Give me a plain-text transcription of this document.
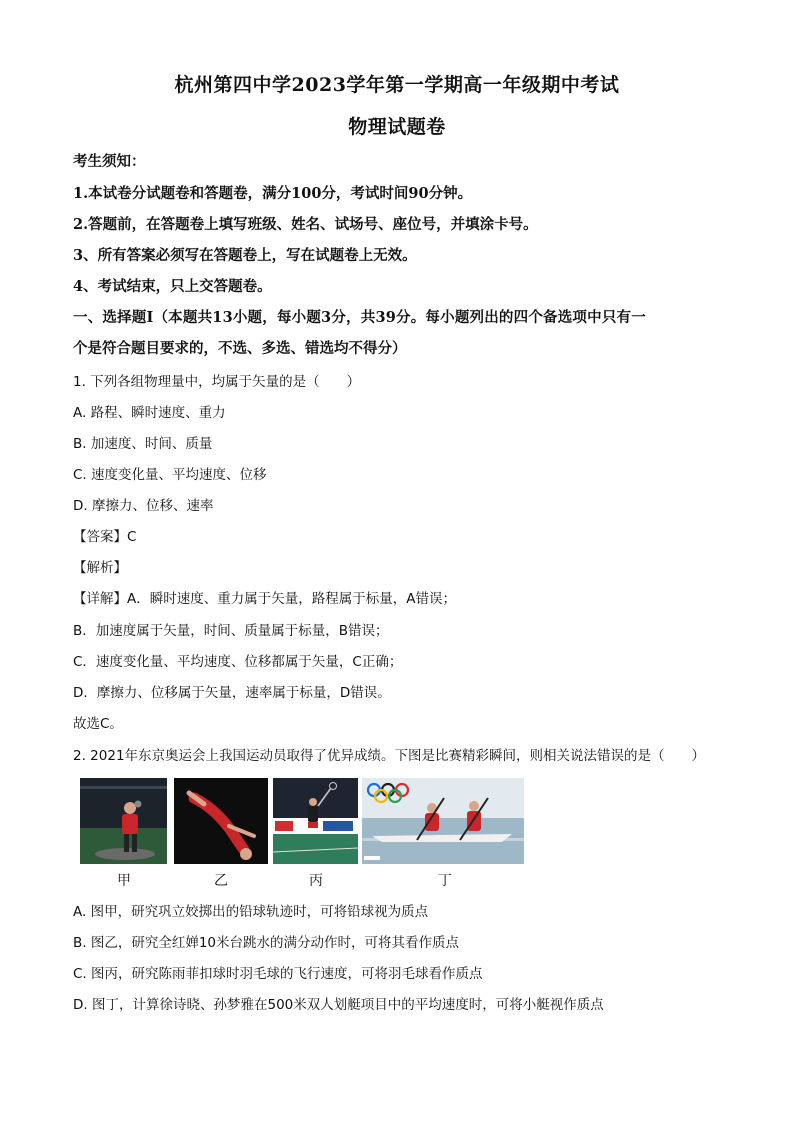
杭州第四中学2023学年第一学期高一年级期中考试
物理试题卷
考生须知：
1.本试卷分试题卷和答题卷，满分100分，考试时间90分钟。
2.答题前，在答题卷上填写班级、姓名、试场号、座位号，并填涂卡号。
3、所有答案必须写在答题卷上，写在试题卷上无效。
4、考试结束，只上交答题卷。
一、选择题Ⅰ（本题共13小题，每小题3分，共39分。每小题列出的四个备选项中只有一
个是符合题目要求的，不选、多选、错选均不得分）
1. 下列各组物理量中，均属于矢量的是（　　）
A. 路程、瞬时速度、重力
B. 加速度、时间、质量
C. 速度变化量、平均速度、位移
D. 摩擦力、位移、速率
【答案】C
【解析】
【详解】A．瞬时速度、重力属于矢量，路程属于标量，A错误；
B．加速度属于矢量，时间、质量属于标量，B错误；
C．速度变化量、平均速度、位移都属于矢量，C正确；
D．摩擦力、位移属于矢量，速率属于标量，D错误。
故选C。
2. 2021年东京奥运会上我国运动员取得了优异成绩。下图是比赛精彩瞬间，则相关说法错误的是（　　）
甲	乙	丙	丁
A. 图甲，研究巩立姣掷出的铅球轨迹时，可将铅球视为质点
B. 图乙，研究全红婵10米台跳水的满分动作时，可将其看作质点
C. 图丙，研究陈雨菲扣球时羽毛球的飞行速度，可将羽毛球看作质点
D. 图丁，计算徐诗晓、孙梦雅在500米双人划艇项目中的平均速度时，可将小艇视作质点
